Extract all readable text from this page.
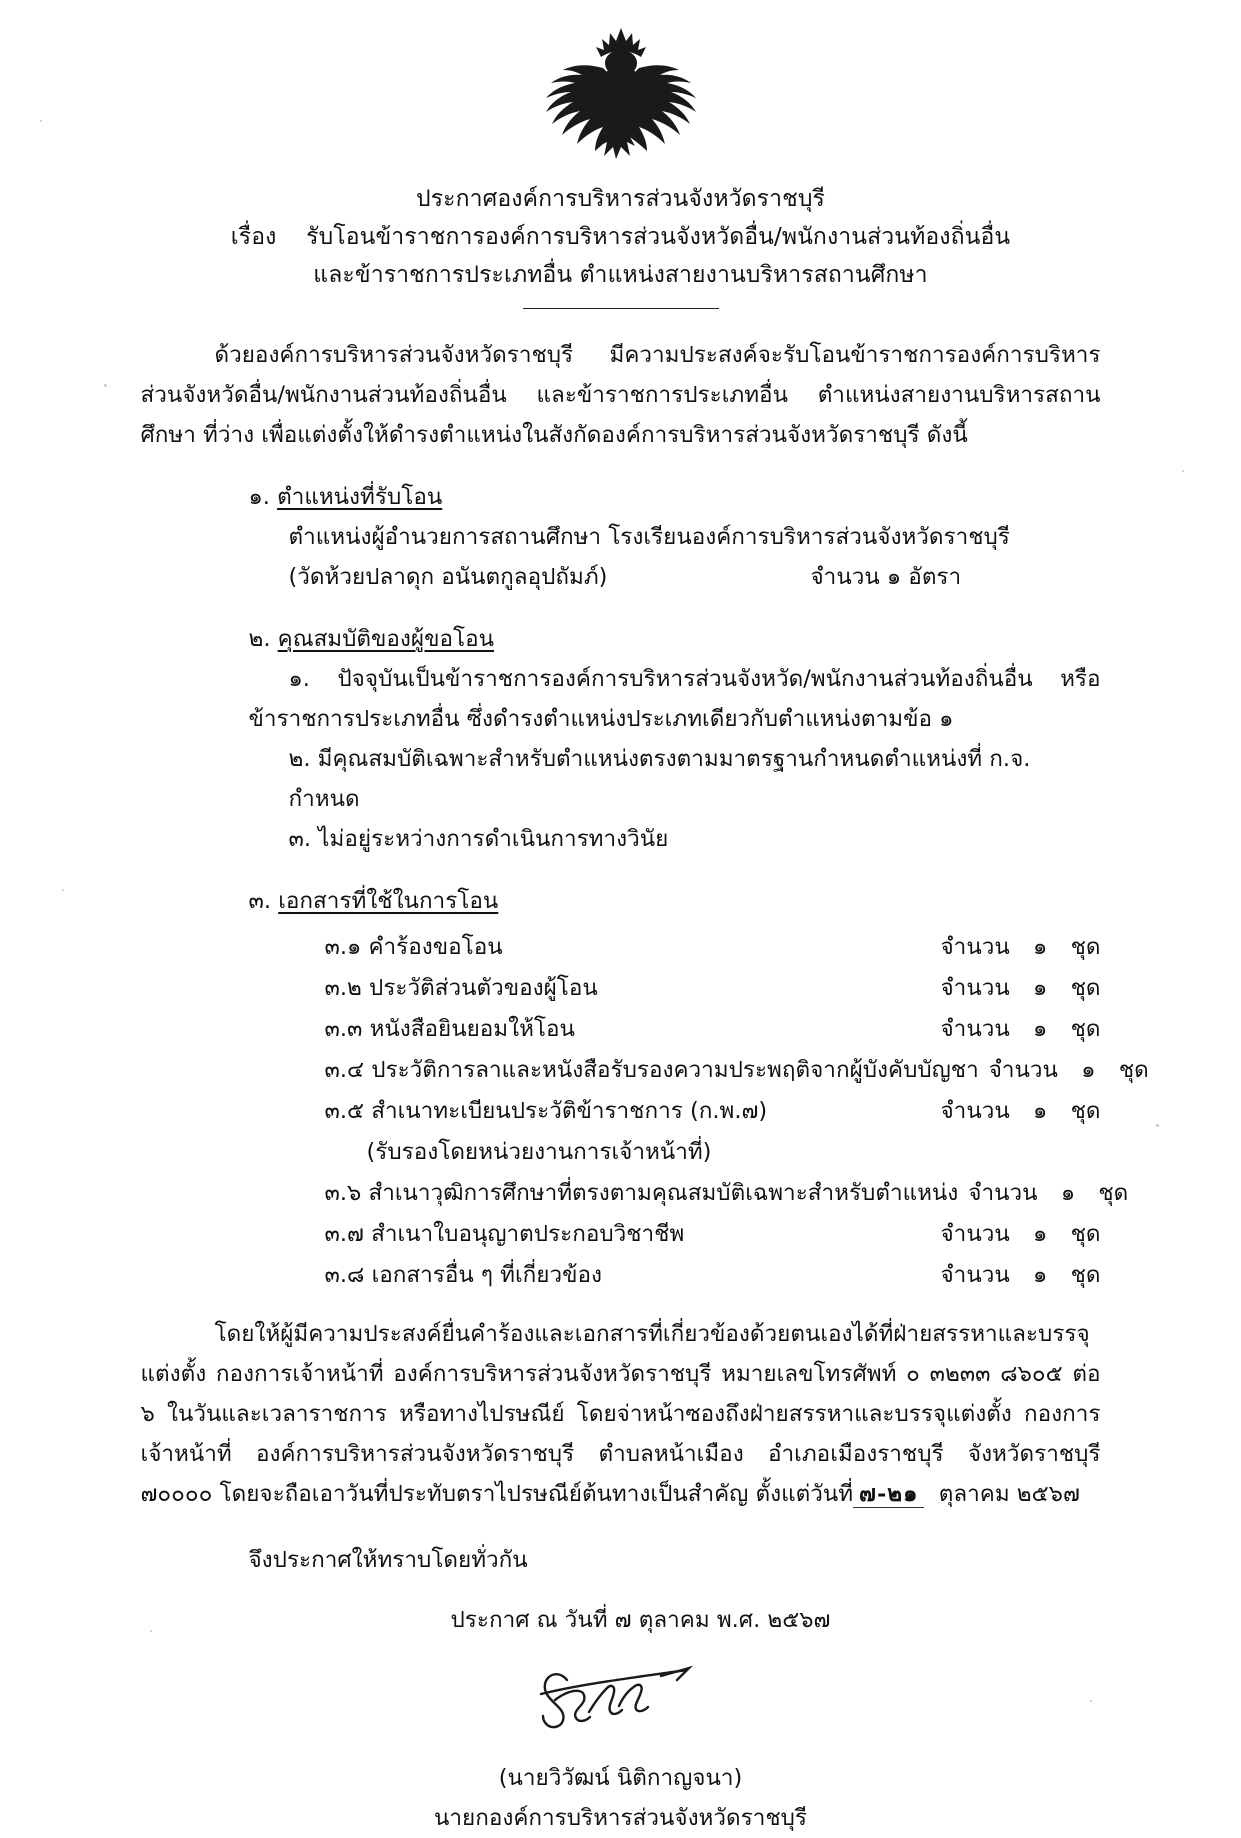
ประกาศองค์การบริหารส่วนจังหวัดราชบุรี
เรื่อง รับโอนข้าราชการองค์การบริหารส่วนจังหวัดอื่น/พนักงานส่วนท้องถิ่นอื่น
และข้าราชการประเภทอื่น ตำแหน่งสายงานบริหารสถานศึกษา
ด้วยองค์การบริหารส่วนจังหวัดราชบุรี มีความประสงค์จะรับโอนข้าราชการองค์การบริหารส่วนจังหวัดอื่น/พนักงานส่วนท้องถิ่นอื่น และข้าราชการประเภทอื่น ตำแหน่งสายงานบริหารสถานศึกษา ที่ว่าง เพื่อแต่งตั้งให้ดำรงตำแหน่งในสังกัดองค์การบริหารส่วนจังหวัดราชบุรี ดังนี้
๑. ตำแหน่งที่รับโอน
ตำแหน่งผู้อำนวยการสถานศึกษา โรงเรียนองค์การบริหารส่วนจังหวัดราชบุรี
(วัดห้วยปลาดุก อนันตกูลอุปถัมภ์)	จำนวน ๑ อัตรา
๒. คุณสมบัติของผู้ขอโอน
๑. ปัจจุบันเป็นข้าราชการองค์การบริหารส่วนจังหวัด/พนักงานส่วนท้องถิ่นอื่น หรือข้าราชการประเภทอื่น ซึ่งดำรงตำแหน่งประเภทเดียวกับตำแหน่งตามข้อ ๑
๒. มีคุณสมบัติเฉพาะสำหรับตำแหน่งตรงตามมาตรฐานกำหนดตำแหน่งที่ ก.จ. กำหนด
๓. ไม่อยู่ระหว่างการดำเนินการทางวินัย
๓. เอกสารที่ใช้ในการโอน
๓.๑
คำร้องขอโอน	จำนวน	๑	ชุด
๓.๒
ประวัติส่วนตัวของผู้โอน	จำนวน	๑	ชุด
๓.๓
หนังสือยินยอมให้โอน	จำนวน	๑	ชุด
๓.๔
ประวัติการลาและหนังสือรับรองความประพฤติจากผู้บังคับบัญชา จำนวน	๑	ชุด
๓.๕
สำเนาทะเบียนประวัติข้าราชการ (ก.พ.๗)	จำนวน	๑	ชุด
(รับรองโดยหน่วยงานการเจ้าหน้าที่)
๓.๖
สำเนาวุฒิการศึกษาที่ตรงตามคุณสมบัติเฉพาะสำหรับตำแหน่ง จำนวน	๑	ชุด
๓.๗
สำเนาใบอนุญาตประกอบวิชาชีพ	จำนวน	๑	ชุด
๓.๘
เอกสารอื่น ๆ ที่เกี่ยวข้อง	จำนวน	๑	ชุด

โดยให้ผู้มีความประสงค์ยื่นคำร้องและเอกสารที่เกี่ยวข้องด้วยตนเองได้ที่ฝ่ายสรรหาและบรรจุแต่งตั้ง กองการเจ้าหน้าที่ องค์การบริหารส่วนจังหวัดราชบุรี หมายเลขโทรศัพท์ ๐ ๓๒๓๓ ๘๖๐๕ ต่อ ๖ ในวันและเวลาราชการ หรือทางไปรษณีย์ โดยจ่าหน้าซองถึงฝ่ายสรรหาและบรรจุแต่งตั้ง กองการเจ้าหน้าที่ องค์การบริหารส่วนจังหวัดราชบุรี ตำบลหน้าเมือง อำเภอเมืองราชบุรี จังหวัดราชบุรี ๗๐๐๐๐ โดยจะถือเอาวันที่ประทับตราไปรษณีย์ต้นทางเป็นสำคัญ ตั้งแต่วันที่ ๗-๒๑ ตุลาคม ๒๕๖๗

จึงประกาศให้ทราบโดยทั่วกัน
ประกาศ ณ วันที่ ๗ ตุลาคม พ.ศ. ๒๕๖๗
(นายวิวัฒน์ นิติกาญจนา)
นายกองค์การบริหารส่วนจังหวัดราชบุรี
